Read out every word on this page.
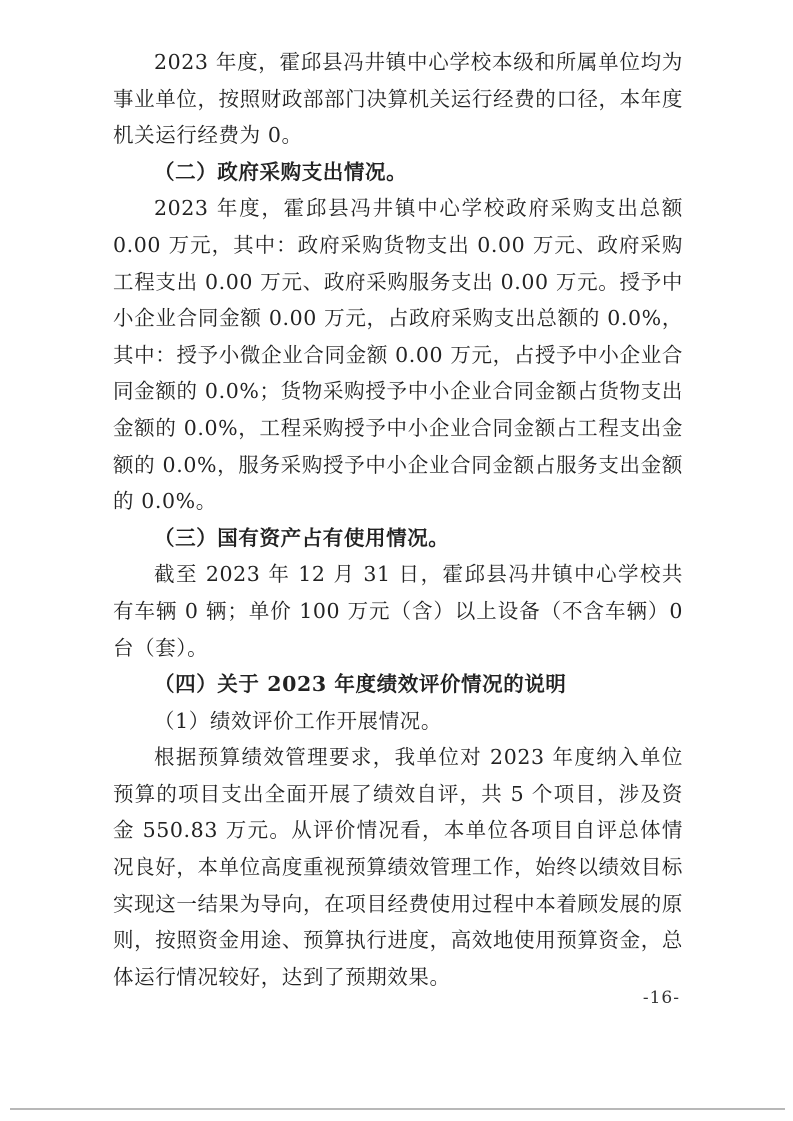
2023 年度，霍邱县冯井镇中心学校本级和所属单位均为事业单位，按照财政部部门决算机关运行经费的口径，本年度机关运行经费为 0。

（二）政府采购支出情况。

2023 年度，霍邱县冯井镇中心学校政府采购支出总额 0.00 万元，其中：政府采购货物支出 0.00 万元、政府采购工程支出 0.00 万元、政府采购服务支出 0.00 万元。授予中小企业合同金额 0.00 万元，占政府采购支出总额的 0.0%，其中：授予小微企业合同金额 0.00 万元，占授予中小企业合同金额的 0.0%；货物采购授予中小企业合同金额占货物支出金额的 0.0%，工程采购授予中小企业合同金额占工程支出金额的 0.0%，服务采购授予中小企业合同金额占服务支出金额的 0.0%。

（三）国有资产占有使用情况。

截至 2023 年 12 月 31 日，霍邱县冯井镇中心学校共有车辆 0 辆；单价 100 万元（含）以上设备（不含车辆）0 台（套）。

（四）关于 2023 年度绩效评价情况的说明

（1）绩效评价工作开展情况。

根据预算绩效管理要求，我单位对 2023 年度纳入单位预算的项目支出全面开展了绩效自评，共 5 个项目，涉及资金 550.83 万元。从评价情况看，本单位各项目自评总体情况良好，本单位高度重视预算绩效管理工作，始终以绩效目标实现这一结果为导向，在项目经费使用过程中本着顾发展的原则，按照资金用途、预算执行进度，高效地使用预算资金，总体运行情况较好，达到了预期效果。

-16-
